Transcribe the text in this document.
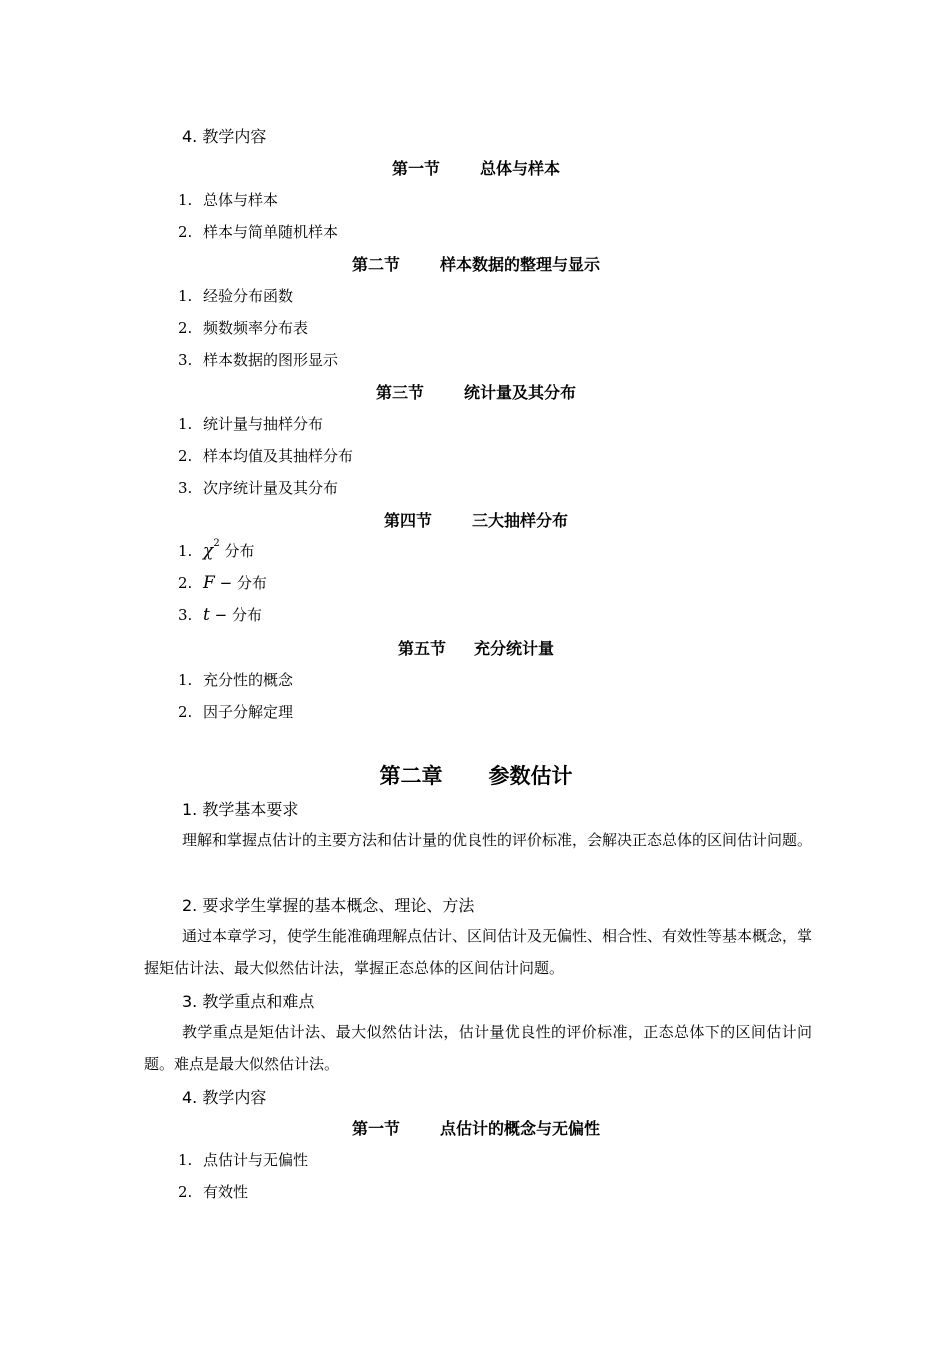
4. 教学内容
第一节	总体与样本
1. 总体与样本
2. 样本与简单随机样本
第二节	样本数据的整理与显示
1. 经验分布函数
2. 频数频率分布表
3. 样本数据的图形显示
第三节	统计量及其分布
1. 统计量与抽样分布
2. 样本均值及其抽样分布
3. 次序统计量及其分布
第四节	三大抽样分布
1. $\chi^2$ 分布
2. F − 分布
3. t − 分布
第五节 充分统计量
1. 充分性的概念
2. 因子分解定理
第二章 参数估计
1. 教学基本要求
理解和掌握点估计的主要方法和估计量的优良性的评价标准，会解决正态总体的区间估计问题。
2. 要求学生掌握的基本概念、理论、方法
通过本章学习，使学生能准确理解点估计、区间估计及无偏性、相合性、有效性等基本概念，掌握矩估计法、最大似然估计法，掌握正态总体的区间估计问题。
3. 教学重点和难点
教学重点是矩估计法、最大似然估计法，估计量优良性的评价标准，正态总体下的区间估计问题。难点是最大似然估计法。
4. 教学内容
第一节	点估计的概念与无偏性
1. 点估计与无偏性
2. 有效性
